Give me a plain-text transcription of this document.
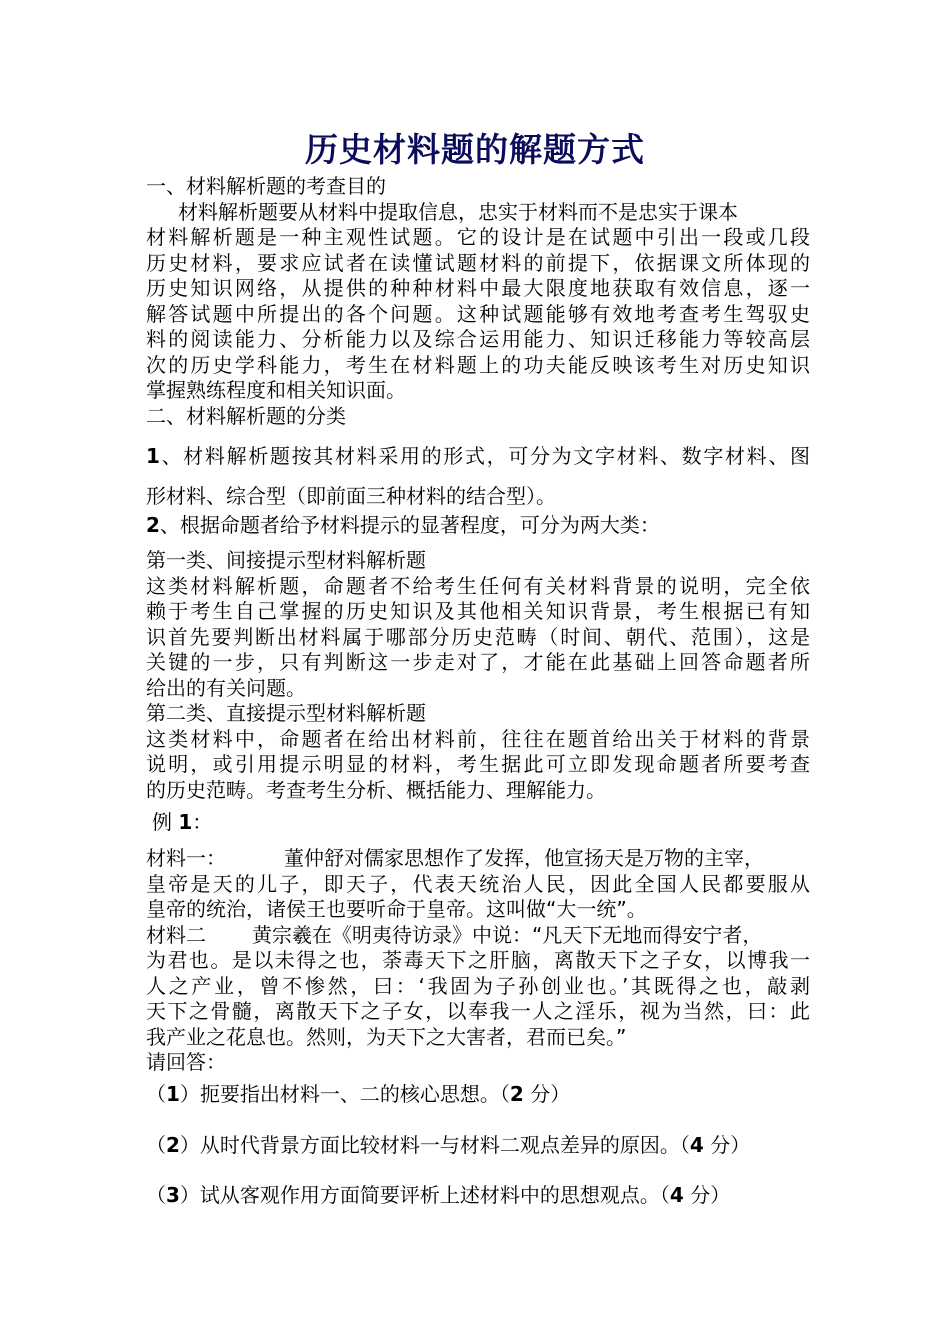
历史材料题的解题方式
一、材料解析题的考查目的
材料解析题要从材料中提取信息，忠实于材料而不是忠实于课本
材料解析题是一种主观性试题。它的设计是在试题中引出一段或几段
历史材料，要求应试者在读懂试题材料的前提下，依据课文所体现的
历史知识网络，从提供的种种材料中最大限度地获取有效信息，逐一
解答试题中所提出的各个问题。这种试题能够有效地考查考生驾驭史
料的阅读能力、分析能力以及综合运用能力、知识迁移能力等较高层
次的历史学科能力，考生在材料题上的功夫能反映该考生对历史知识
掌握熟练程度和相关知识面。
二、材料解析题的分类
1、材料解析题按其材料采用的形式，可分为文字材料、数字材料、图
形材料、综合型（即前面三种材料的结合型）。
2、根据命题者给予材料提示的显著程度，可分为两大类：
第一类、间接提示型材料解析题
这类材料解析题，命题者不给考生任何有关材料背景的说明，完全依
赖于考生自己掌握的历史知识及其他相关知识背景，考生根据已有知
识首先要判断出材料属于哪部分历史范畴（时间、朝代、范围），这是
关键的一步，只有判断这一步走对了，才能在此基础上回答命题者所
给出的有关问题。
第二类、直接提示型材料解析题
这类材料中，命题者在给出材料前，往往在题首给出关于材料的背景
说明，或引用提示明显的材料，考生据此可立即发现命题者所要考查
的历史范畴。考查考生分析、概括能力、理解能力。
例 1：
材料一：	董仲舒对儒家思想作了发挥，他宣扬天是万物的主宰，
皇帝是天的儿子，即天子，代表天统治人民，因此全国人民都要服从
皇帝的统治，诸侯王也要听命于皇帝。这叫做“大一统”。
材料二 黄宗羲在《明夷待访录》中说：“凡天下无地而得安宁者，
为君也。是以未得之也，荼毒天下之肝脑，离散天下之子女，以博我一
人之产业，曾不惨然，曰：‘我固为子孙创业也。’其既得之也，敲剥
天下之骨髓，离散天下之子女，以奉我一人之淫乐，视为当然，曰：此
我产业之花息也。然则，为天下之大害者，君而已矣。”
请回答：
（1）扼要指出材料一、二的核心思想。（2 分）
（2）从时代背景方面比较材料一与材料二观点差异的原因。（4 分）
（3）试从客观作用方面简要评析上述材料中的思想观点。（4 分）
